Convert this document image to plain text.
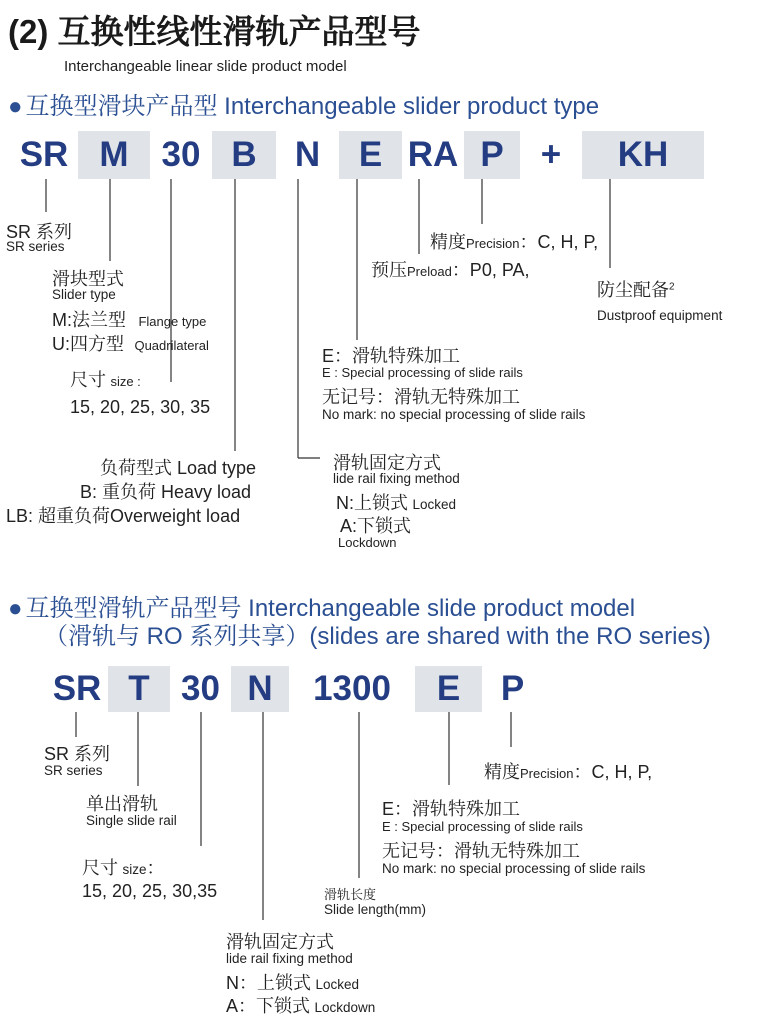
(2) 互换性线性滑轨产品型号
Interchangeable linear slide product model
● 互换型滑块产品型 Interchangeable slider product type
SR M 30 B	N	E RA P	+	KH
● 互换型滑轨产品型号 Interchangeable slide product model
（滑轨与 RO 系列共享）(slides are shared with the RO series)
SR T 30 N	1300	E	P
SR 系列
SR series
滑块型式
Slider type
M:法兰型 Flange type
U:四方型 Quadrilateral
尺寸 size :
15, 20, 25, 30, 35
负荷型式 Load type
B: 重负荷 Heavy load
LB: 超重负荷Overweight load
滑轨固定方式
lide rail fixing method
N:上锁式 Locked
A:下锁式
Lockdown
E：滑轨特殊加工
E : Special processing of slide rails
无记号：滑轨无特殊加工
No mark: no special processing of slide rails
预压Preload：P0, PA,
精度Precision：C, H, P,
防尘配备$^2$
Dustproof equipment
SR 系列
SR series
单出滑轨
Single slide rail
尺寸 size：
15, 20, 25, 30,35
滑轨固定方式
lide rail fixing method
N：上锁式 Locked
A：下锁式 Lockdown
滑轨长度
Slide length(mm)
E：滑轨特殊加工
E : Special processing of slide rails
无记号：滑轨无特殊加工
No mark: no special processing of slide rails
精度Precision：C, H, P,
